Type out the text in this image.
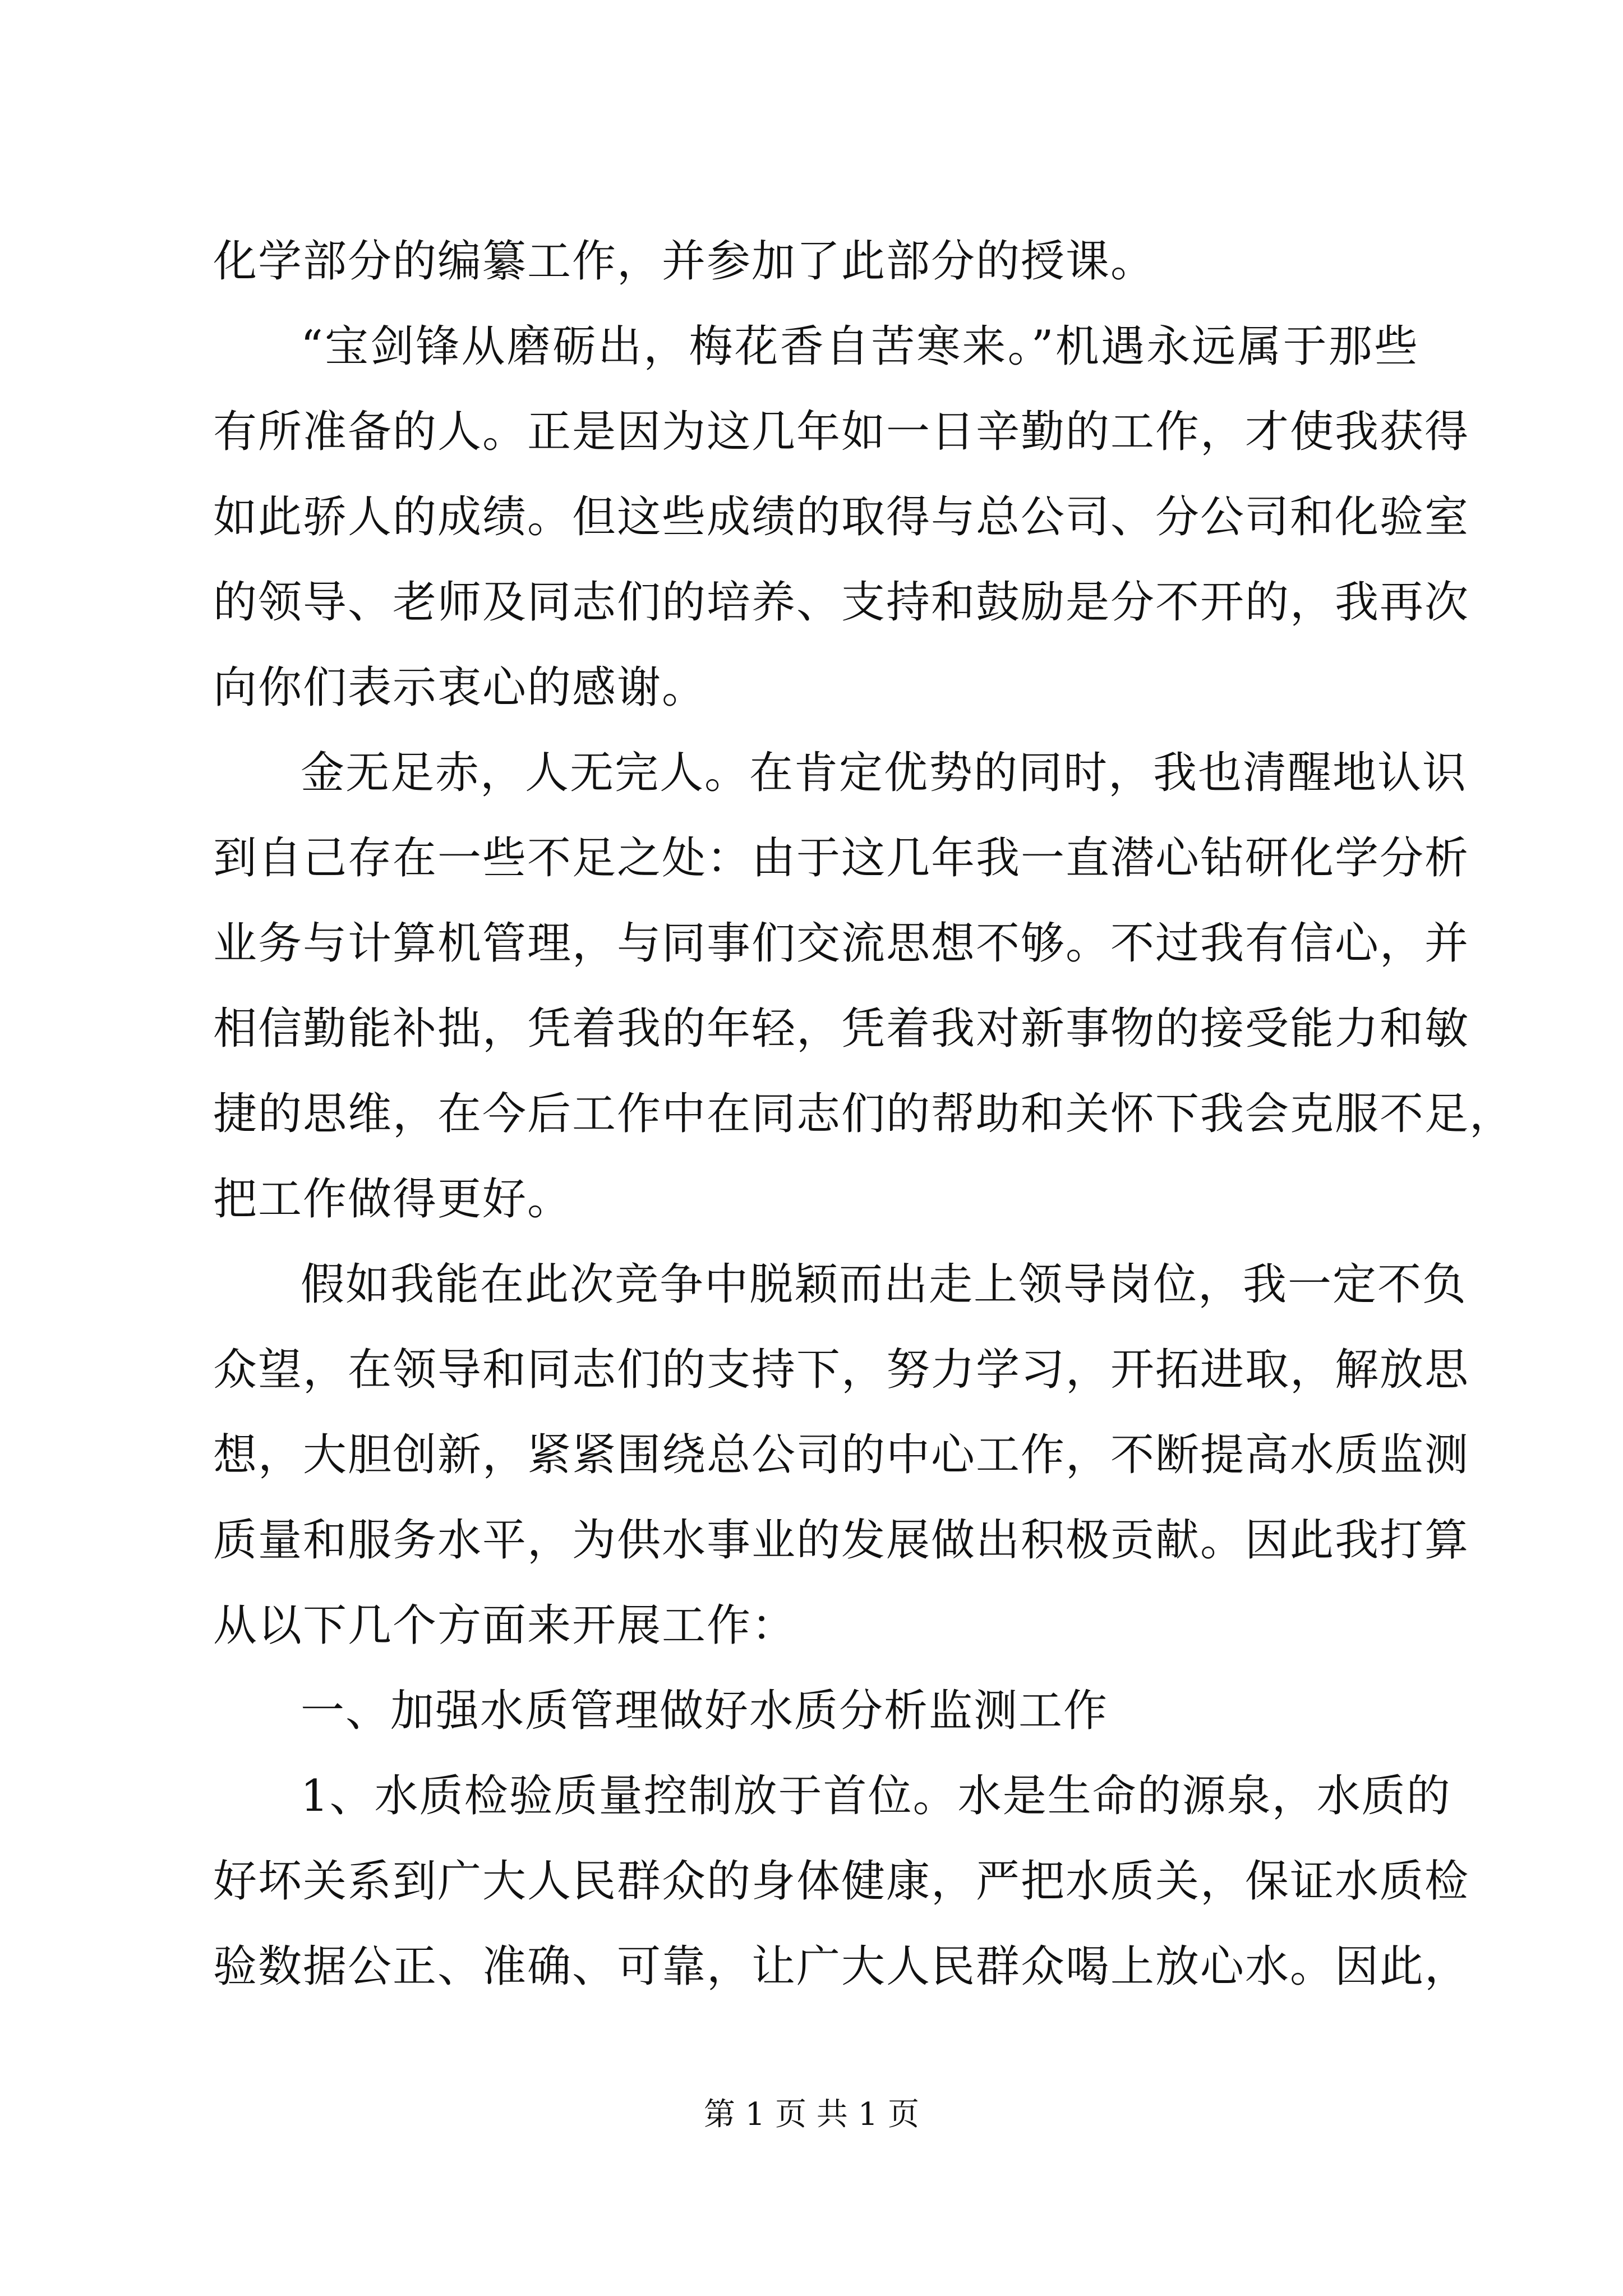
化学部分的编纂工作，并参加了此部分的授课。
“宝剑锋从磨砺出，梅花香自苦寒来。”机遇永远属于那些
有所准备的人。正是因为这几年如一日辛勤的工作，才使我获得
如此骄人的成绩。但这些成绩的取得与总公司、分公司和化验室
的领导、老师及同志们的培养、支持和鼓励是分不开的，我再次
向你们表示衷心的感谢。
金无足赤，人无完人。在肯定优势的同时，我也清醒地认识
到自己存在一些不足之处：由于这几年我一直潜心钻研化学分析
业务与计算机管理，与同事们交流思想不够。不过我有信心，并
相信勤能补拙，凭着我的年轻，凭着我对新事物的接受能力和敏
捷的思维，在今后工作中在同志们的帮助和关怀下我会克服不足，
把工作做得更好。
假如我能在此次竞争中脱颖而出走上领导岗位，我一定不负
众望，在领导和同志们的支持下，努力学习，开拓进取，解放思
想，大胆创新，紧紧围绕总公司的中心工作，不断提高水质监测
质量和服务水平，为供水事业的发展做出积极贡献。因此我打算
从以下几个方面来开展工作：
一、加强水质管理做好水质分析监测工作
1、水质检验质量控制放于首位。水是生命的源泉，水质的
好坏关系到广大人民群众的身体健康，严把水质关，保证水质检
验数据公正、准确、可靠，让广大人民群众喝上放心水。因此，
第 1 页 共 1 页
